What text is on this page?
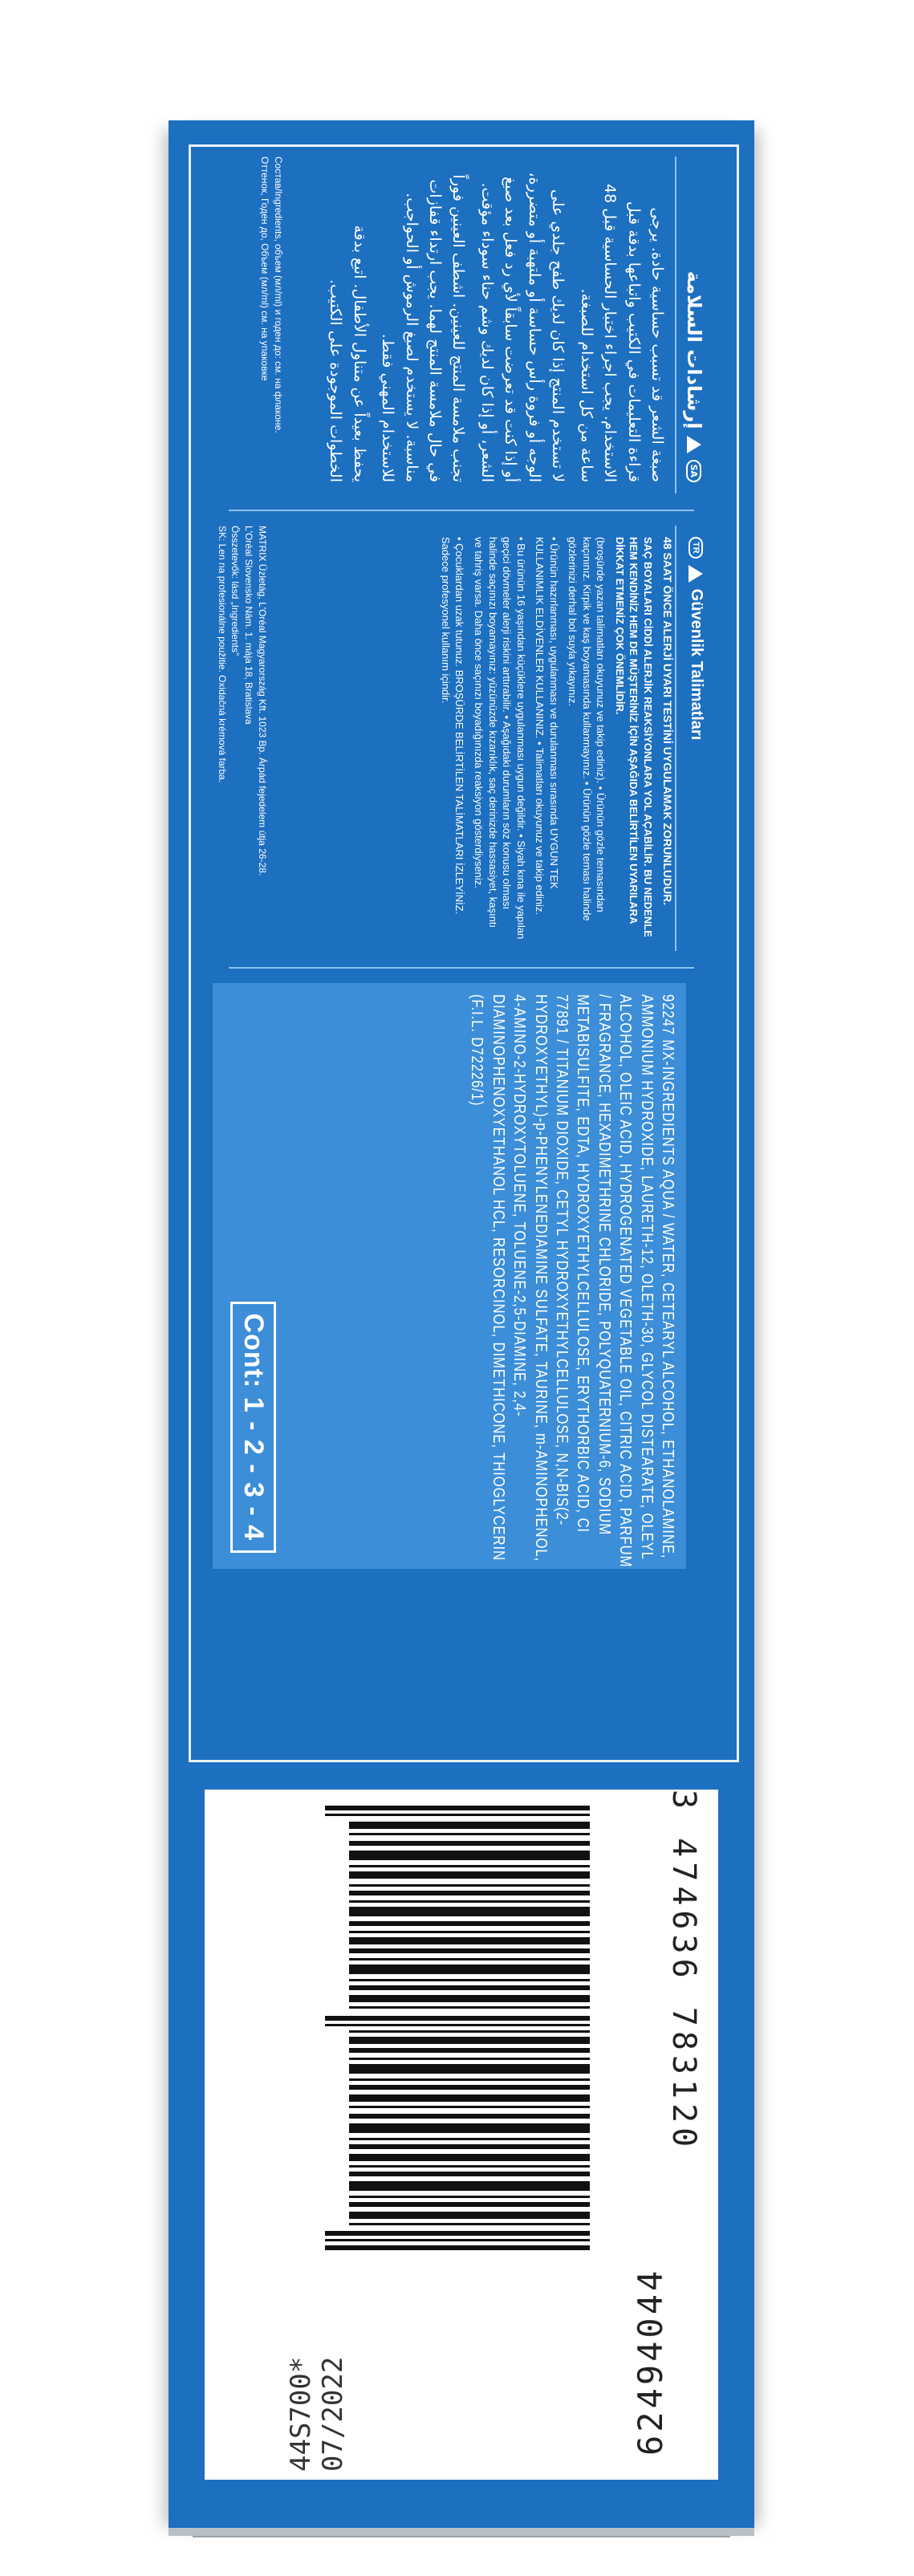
SA
إرشادات السلامة

صبغة الشعر قد تسبب حساسية حادة. يرجى قراءة التعليمات في الكتيب واتباعها بدقة قبل الاستخدام. يجب اجراء اختبار الحساسية قبل 48 ساعة من كل استخدام للصبغة.

لا تستخدم المنتج إذا كان لديك طفح جلدي على الوجه أو فروة رأس حساسة أو ملتهبة أو متضررة، أو إذا كنت قد تعرضت سابقاً لأي رد فعل بعد صبغ الشعر، أو إذا كان لديك وشم حناء سوداء مؤقت.

تجنب ملامسة المنتج للعينين. اشطف العينين فوراً في حال ملامسة المنتج لهما. يجب ارتداء قفازات مناسبة. لا يستخدم لصبغ الرموش أو الحواجب. للاستخدام المهني فقط.

يحفظ بعيداً عن متناول الأطفال. اتبع بدقة الخطوات الموجودة على الكتيب.

TR
Güvenlik Talimatları
48 SAAT ÖNCE ALERJİ UYARI TESTİNİ UYGULAMAK ZORUNLUDUR.

SAÇ BOYALARI CİDDİ ALERJİK REAKSİYONLARA YOL AÇABİLİR. BU NEDENLE HEM KENDİNİZ HEM DE MÜŞTERİNİZ İÇİN AŞAĞIDA BELİRTİLEN UYARILARA DİKKAT ETMENİZ ÇOK ÖNEMLİDİR.

(broşürde yazan talimatları okuyunuz ve takip ediniz). • Ürünün gözle temasından kaçınınız. Kirpik ve kaş boyamasında kullanmayınız. • Ürünün gözle teması halinde gözlerinizi derhal bol suyla yıkayınız.

• Ürünün hazırlanması, uygulanması ve durulanması sırasında UYGUN TEK KULLANIMLIK ELDİVENLER KULLANINIZ. • Talimatları okuyunuz ve takip ediniz.

• Bu ürünün 16 yaşından küçüklere uygulanması uygun değildir. • Siyah kına ile yapılan geçici dövmeler alerji riskini arttırabilir. • Aşağıdaki durumların söz konusu olması halinde saçınızı boyamayınız: yüzünüzde kızarıklık, saç derinizde hassasiyet, kaşıntı ve tahriş varsa. Daha önce saçınızı boyadığınızda reaksiyon gösterdiyseniz.

• Çocuklardan uzak tutunuz. BROŞÜRDE BELİRTİLEN TALİMATLARI İZLEYİNİZ. Sadece profesyonel kullanım içindir.

92247 MX-INGREDIENTS AQUA / WATER, CETEARYL ALCOHOL, ETHANOLAMINE, AMMONIUM HYDROXIDE, LAURETH-12, OLETH-30, GLYCOL DISTEARATE, OLEYL ALCOHOL, OLEIC ACID, HYDROGENATED VEGETABLE OIL, CITRIC ACID, PARFUM / FRAGRANCE, HEXADIMETHRINE CHLORIDE, POLYQUATERNIUM-6, SODIUM METABISULFITE, EDTA, HYDROXYETHYLCELLULOSE, ERYTHORBIC ACID, CI 77891 / TITANIUM DIOXIDE, CETYL HYDROXYETHYLCELLULOSE, N,N-BIS(2-HYDROXYETHYL)-p-PHENYLENEDIAMINE SULFATE, TAURINE, m-AMINOPHENOL, 4-AMINO-2-HYDROXYTOLUENE, TOLUENE-2,5-DIAMINE, 2,4-DIAMINOPHENOXYETHANOL HCL, RESORCINOL, DIMETHICONE, THIOGLYCERIN (F.I.L. D72226/1)
Cont: 1 - 2 - 3 - 4
MATRIX Üzletág, L'Oréal Magyarország Kft. 1023 Bp. Árpád fejedelem útja 26-28.
L'Oréal Slovensko Nám. 1. mája 18, Bratislava
Összetevők: lásd „Ingredients”
SK: Len na profesionálne použitie. Oxidačná krémová farba.
Состав/Ingredients, объем (мл/ml) и годен до: см. на флаконе.
Оттенок, Годен до, Объем (мл/ml) см. на упаковке
3 474636 783120
62494044
44S700* 07/2022
